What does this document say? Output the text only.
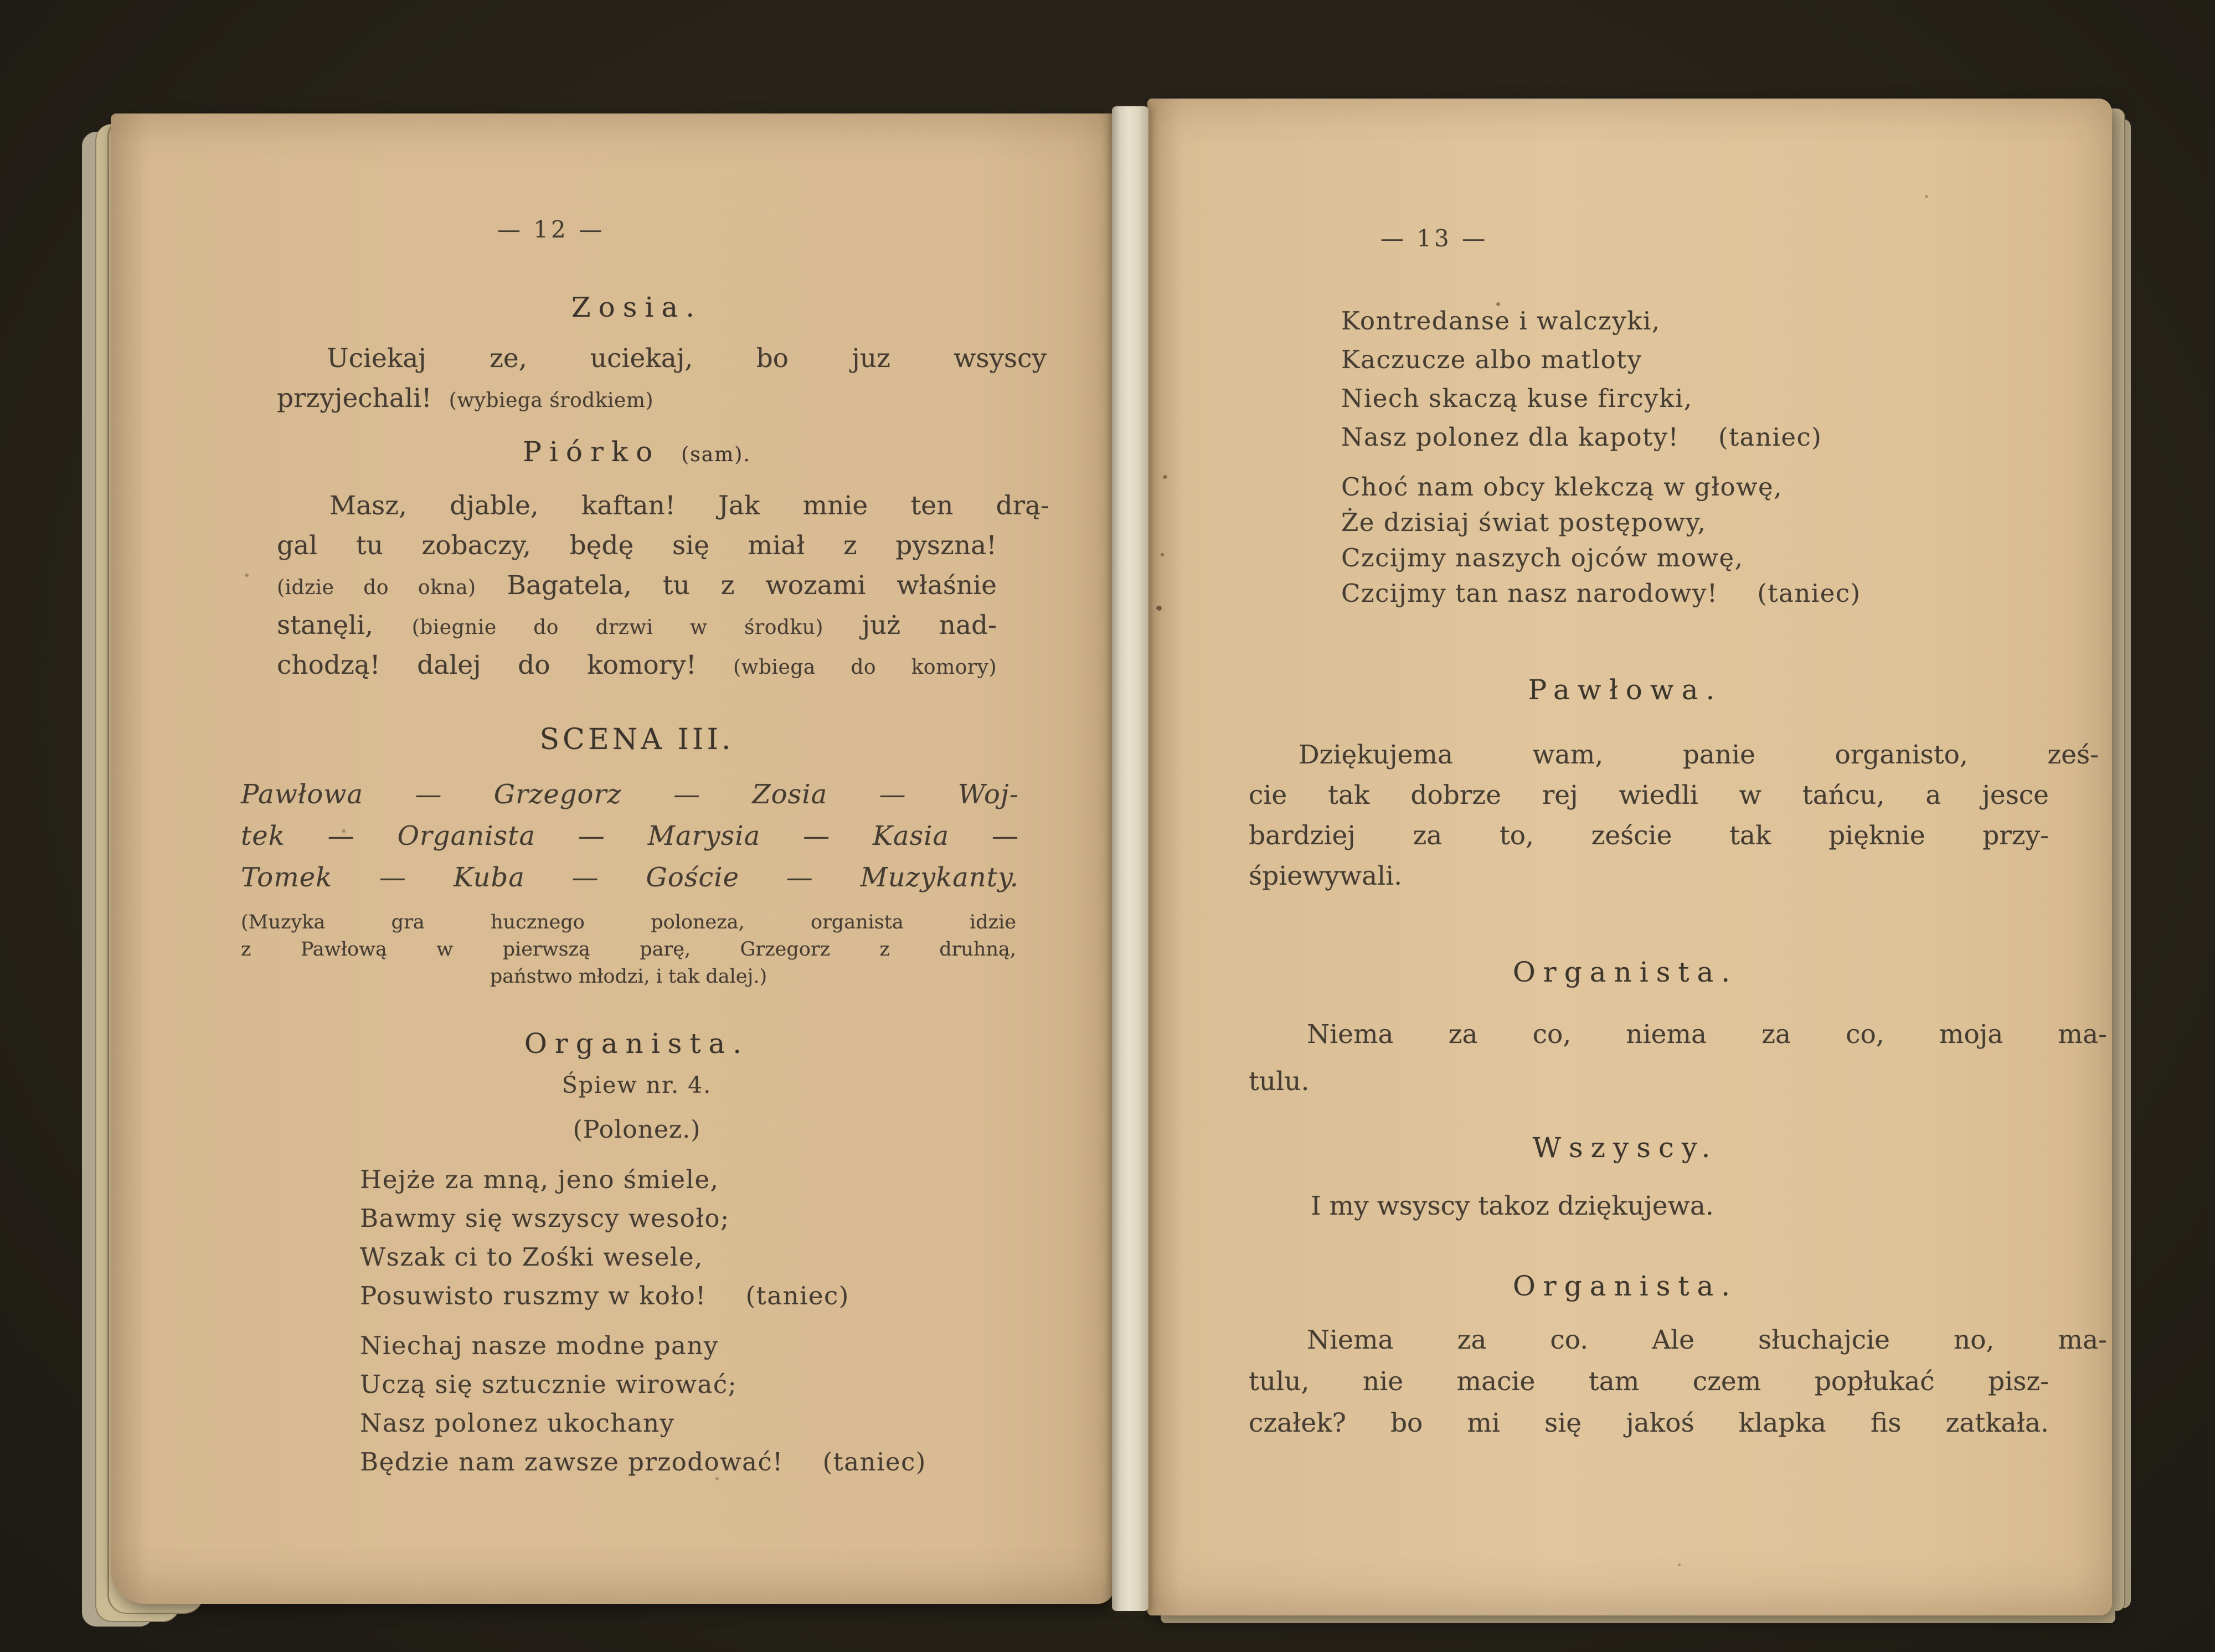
— 12 —
Zosia.
Uciekaj ze, uciekaj, bo juz wsyscy
przyjechali! (wybiega środkiem)
Piórko (sam).
Masz, djable, kaftan! Jak mnie ten drą-
gal tu zobaczy, będę się miał z pyszna!
(idzie do okna) Bagatela, tu z wozami właśnie
stanęli, (biegnie do drzwi w środku) już nad-
chodzą! dalej do komory! (wbiega do komory)
SCENA III.
Pawłowa — Grzegorz — Zosia — Woj-
tek — Organista — Marysia — Kasia —
Tomek — Kuba — Goście — Muzykanty.
(Muzyka gra hucznego poloneza, organista idzie
z Pawłową w pierwszą parę, Grzegorz z druhną,
państwo młodzi, i tak dalej.)
Organista.
Śpiew nr. 4.
(Polonez.)
Hejże za mną, jeno śmiele,
Bawmy się wszyscy wesoło;
Wszak ci to Zośki wesele,
Posuwisto ruszmy w koło! (taniec)
Niechaj nasze modne pany
Uczą się sztucznie wirować;
Nasz polonez ukochany
Będzie nam zawsze przodować! (taniec)
— 13 —
Kontredanse i walczyki,
Kaczucze albo matloty
Niech skaczą kuse fircyki,
Nasz polonez dla kapoty! (taniec)
Choć nam obcy klekczą w głowę,
Że dzisiaj świat postępowy,
Czcijmy naszych ojców mowę,
Czcijmy tan nasz narodowy! (taniec)
Pawłowa.
Dziękujema wam, panie organisto, ześ-
cie tak dobrze rej wiedli w tańcu, a jesce
bardziej za to, zeście tak pięknie przy-
śpiewywali.
Organista.
Niema za co, niema za co, moja ma-
tulu.
Wszyscy.
I my wsyscy takoz dziękujewa.
Organista.
Niema za co. Ale słuchajcie no, ma-
tulu, nie macie tam czem popłukać pisz-
czałek? bo mi się jakoś klapka fis zatkała.
